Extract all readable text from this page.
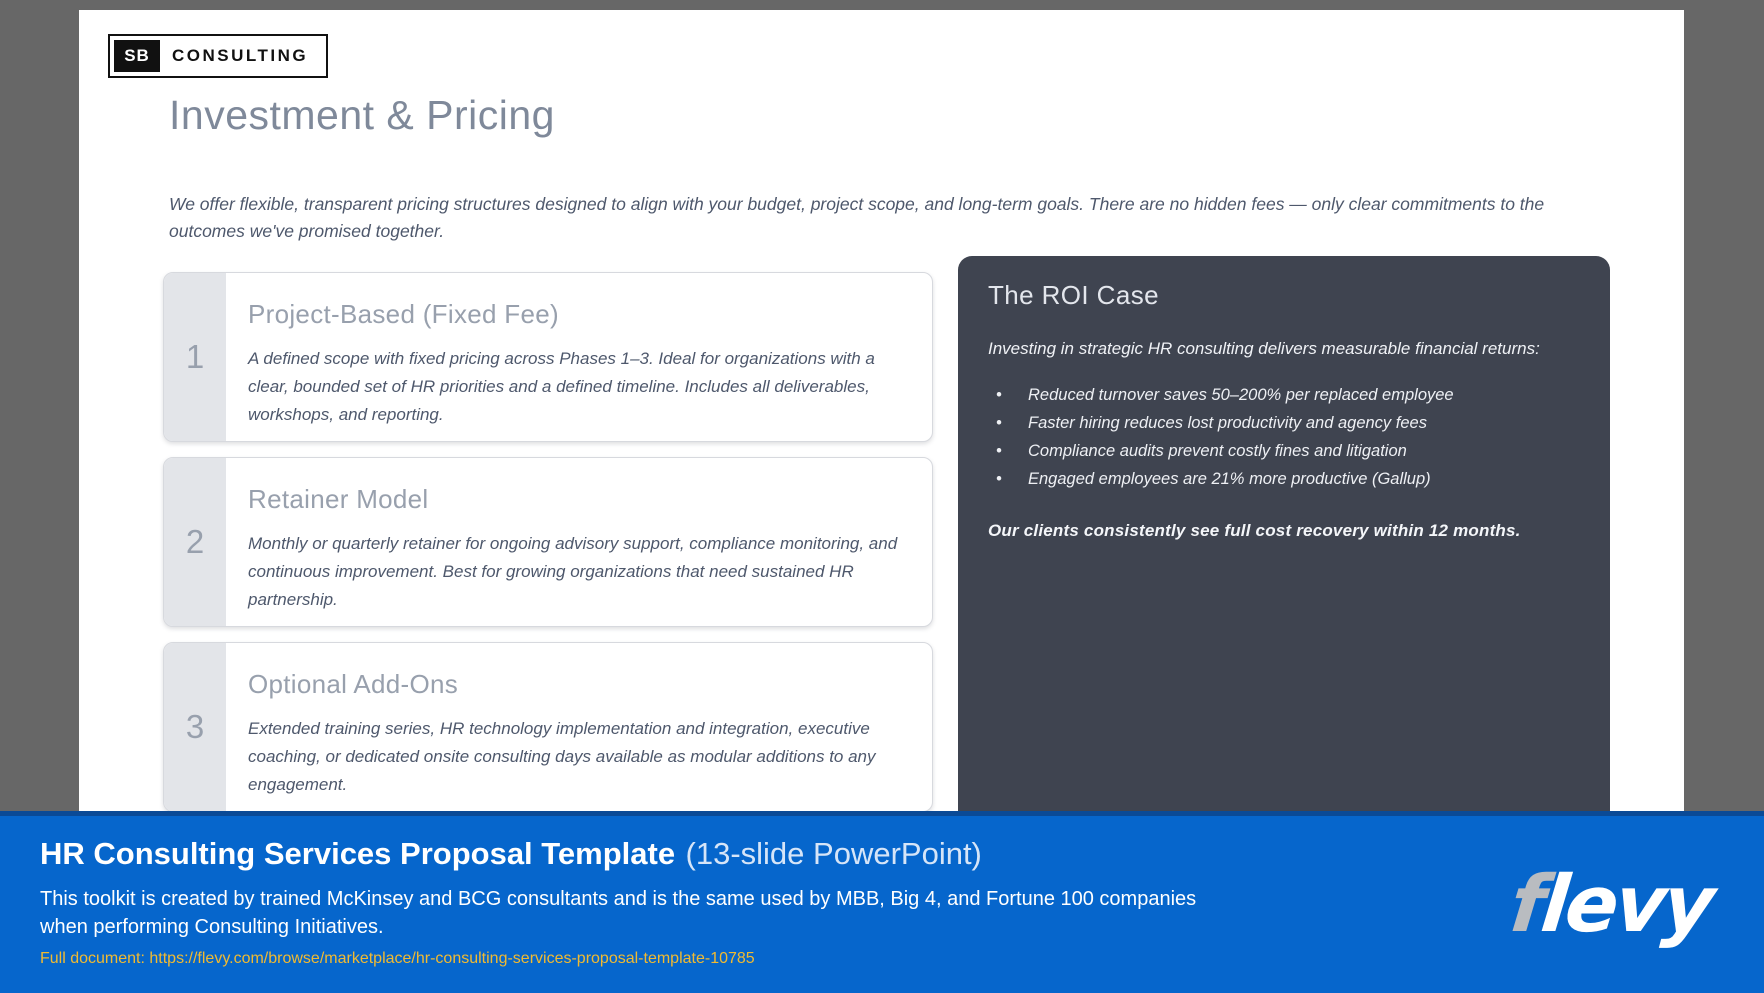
SB	CONSULTING
Investment & Pricing

We offer flexible, transparent pricing structures designed to align with your budget, project scope, and long-term goals. There are no hidden fees — only clear commitments to the outcomes we've promised together.

1
Project-Based (Fixed Fee)

A defined scope with fixed pricing across Phases 1–3. Ideal for organizations with a clear, bounded set of HR priorities and a defined timeline. Includes all deliverables, workshops, and reporting.

2
Retainer Model

Monthly or quarterly retainer for ongoing advisory support, compliance monitoring, and continuous improvement. Best for growing organizations that need sustained HR partnership.

3
Optional Add-Ons

Extended training series, HR technology implementation and integration, executive coaching, or dedicated onsite consulting days available as modular additions to any engagement.

The ROI Case

Investing in strategic HR consulting delivers measurable financial returns:

• Reduced turnover saves 50–200% per replaced employee
• Faster hiring reduces lost productivity and agency fees
• Compliance audits prevent costly fines and litigation
• Engaged employees are 21% more productive (Gallup)

Our clients consistently see full cost recovery within 12 months.

HR Consulting Services Proposal Template (13-slide PowerPoint)

This toolkit is created by trained McKinsey and BCG consultants and is the same used by MBB, Big 4, and Fortune 100 companies when performing Consulting Initiatives.

Full document: https://flevy.com/browse/marketplace/hr-consulting-services-proposal-template-10785

flevy
